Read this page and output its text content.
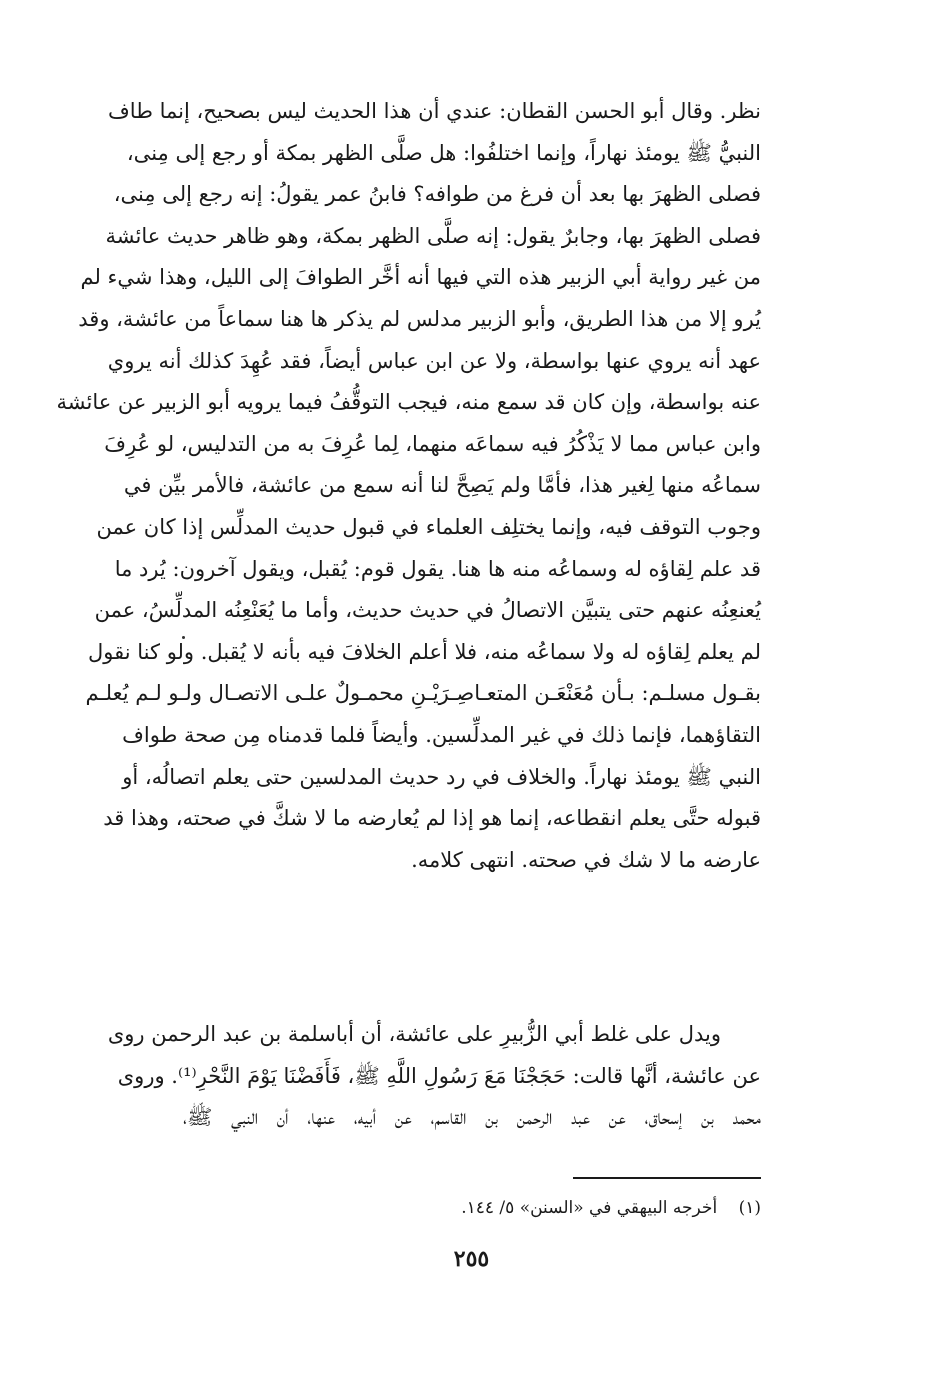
نظر. وقال أبو الحسن القطان: عندي أن هذا الحديث ليس بصحيح، إنما طاف
النبيُّ ﷺ يومئذ نهاراً، وإنما اختلفُوا: هل صلَّى الظهر بمكة أو رجع إلى مِنى،
فصلى الظهرَ بها بعد أن فرغ من طوافه؟ فابنُ عمر يقولُ: إنه رجع إلى مِنى،
فصلى الظهرَ بها، وجابرٌ يقول: إنه صلَّى الظهر بمكة، وهو ظاهر حديث عائشة
من غير رواية أبي الزبير هذه التي فيها أنه أخَّر الطوافَ إلى الليل، وهذا شيء لم
يُرو إلا من هذا الطريق، وأبو الزبير مدلس لم يذكر ها هنا سماعاً من عائشة، وقد
عهد أنه يروي عنها بواسطة، ولا عن ابن عباس أيضاً، فقد عُهِدَ كذلك أنه يروي
عنه بواسطة، وإن كان قد سمع منه، فيجب التوقُّفُ فيما يرويه أبو الزبير عن عائشة
وابن عباس مما لا يَذْكُرُ فيه سماعَه منهما، لِما عُرِفَ به من التدليس، لو عُرِفَ
سماعُه منها لِغير هذا، فأمَّا ولم يَصِحَّ لنا أنه سمع من عائشة، فالأمر بيِّن في
وجوب التوقف فيه، وإنما يختلِف العلماء في قبول حديث المدلِّس إذا كان عمن
قد علم لِقاؤه له وسماعُه منه ها هنا. يقول قوم: يُقبل، ويقول آخرون: يُرد ما
يُعنعِنُه عنهم حتى يتبيَّن الاتصالُ في حديث حديث، وأما ما يُعَنْعِنُه المدلِّسُ، عمن
لم يعلم لِقاؤه له ولا سماعُه منه، فلا أعلم الخلافَ فيه بأنه لا يُقبل. ولو كنا نقول
بقـول مسلـم: بـأن مُعَنْعَـن المتعـاصِـرَيْـنِ محمـولٌ علـى الاتصـال ولـو لـم يُعلـم
التقاؤهما، فإنما ذلك في غير المدلِّسين. وأيضاً فلما قدمناه مِن صحة طواف
النبي ﷺ يومئذ نهاراً. والخلاف في رد حديث المدلسين حتى يعلم اتصالُه، أو
قبوله حتَّى يعلم انقطاعه، إنما هو إذا لم يُعارضه ما لا شكَّ في صحته، وهذا قد
عارضه ما لا شك في صحته. انتهى كلامه.
ويدل على غلط أبي الزُّبيرِ على عائشة، أن أباسلمة بن عبد الرحمن روى
عن عائشة، أنَّها قالت: حَجَجْنَا مَعَ رَسُولِ اللَّهِ ﷺ، فَأَفَضْنَا يَوْمَ النَّحْرِ⁽¹⁾. وروى
محمد بن إسحاق، عن عبد الرحمن بن القاسم، عن أبيه، عنها، أن النبي ﷺ،
(١) أخرجه البيهقي في «السنن» ٥/ ١٤٤.
٢٥٥
